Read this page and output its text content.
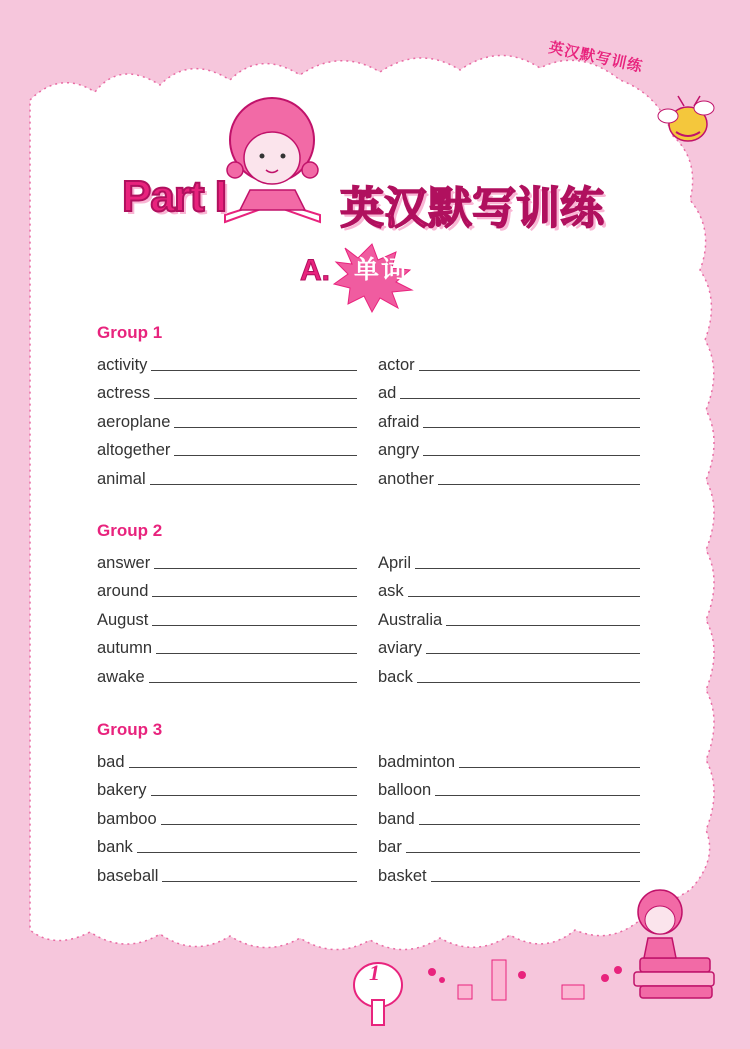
英汉默写训练
Part I	英汉默写训练
A. 单词
Group 1
activity	actor
actress	ad
aeroplane	afraid
altogether	angry
animal	another
Group 2
answer	April
around	ask
August	Australia
autumn	aviary
awake	back
Group 3
bad	badminton
bakery	balloon
bamboo	band
bank	bar
baseball	basket
1
